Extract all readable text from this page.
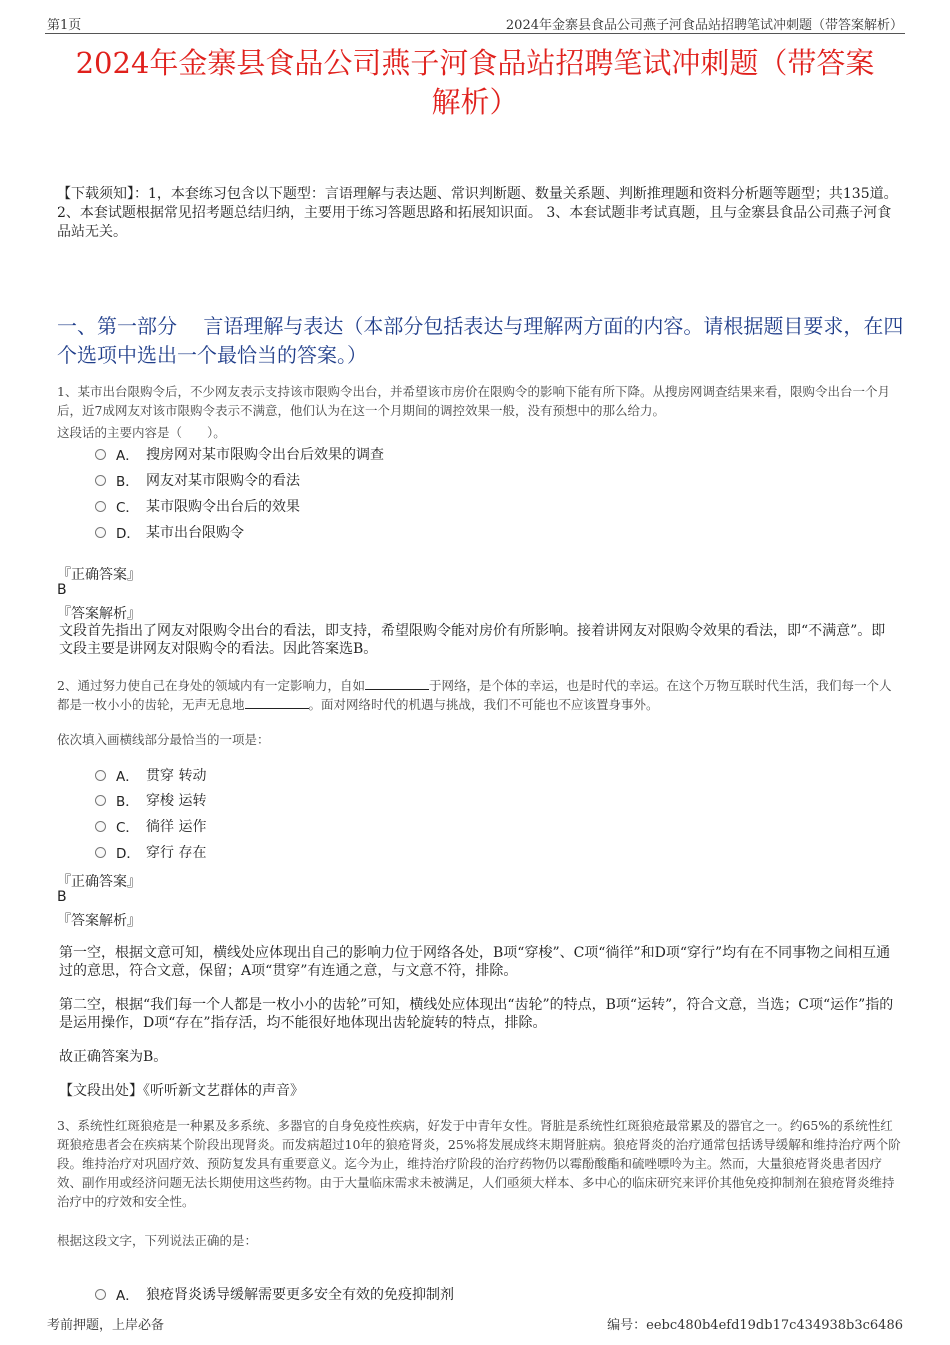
第1页	2024年金寨县食品公司燕子河食品站招聘笔试冲刺题（带答案解析）
2024年金寨县食品公司燕子河食品站招聘笔试冲刺题（带答案
解析）
【下载须知】：1，本套练习包含以下题型：言语理解与表达题、常识判断题、数量关系题、判断推理题和资料分析题等题型；共135道。 2、本套试题根据常见招考题总结归纳，主要用于练习答题思路和拓展知识面。 3、本套试题非考试真题，且与金寨县食品公司燕子河食品站无关。
一、第一部分　 言语理解与表达（本部分包括表达与理解两方面的内容。请根据题目要求，在四个选项中选出一个最恰当的答案。）
1、某市出台限购令后，不少网友表示支持该市限购令出台，并希望该市房价在限购令的影响下能有所下降。从搜房网调查结果来看，限购令出台一个月后，近7成网友对该市限购令表示不满意，他们认为在这一个月期间的调控效果一般，没有预想中的那么给力。
这段话的主要内容是（　　）。
A． 搜房网对某市限购令出台后效果的调查
B． 网友对某市限购令的看法
C． 某市限购令出台后的效果
D． 某市出台限购令
『正确答案』
B
『答案解析』
文段首先指出了网友对限购令出台的看法，即支持，希望限购令能对房价有所影响。接着讲网友对限购令效果的看法，即“不满意”。即文段主要是讲网友对限购令的看法。因此答案选B。
2、通过努力使自己在身处的领域内有一定影响力，自如	于网络，是个体的幸运，也是时代的幸运。在这个万物互联时代生活，我们每一个人都是一枚小小的齿轮，无声无息地	。面对网络时代的机遇与挑战，我们不可能也不应该置身事外。
依次填入画横线部分最恰当的一项是：
A． 贯穿 转动
B． 穿梭 运转
C． 徜徉 运作
D． 穿行 存在
『正确答案』
B
『答案解析』
第一空，根据文意可知，横线处应体现出自己的影响力位于网络各处，B项“穿梭”、C项“徜徉”和D项“穿行”均有在不同事物之间相互通过的意思，符合文意，保留；A项“贯穿”有连通之意，与文意不符，排除。
第二空，根据“我们每一个人都是一枚小小的齿轮”可知，横线处应体现出“齿轮”的特点，B项“运转”，符合文意，当选；C项“运作”指的是运用操作，D项“存在”指存活，均不能很好地体现出齿轮旋转的特点，排除。
故正确答案为B。
【文段出处】《听听新文艺群体的声音》
3、系统性红斑狼疮是一种累及多系统、多器官的自身免疫性疾病，好发于中青年女性。肾脏是系统性红斑狼疮最常累及的器官之一。约65%的系统性红斑狼疮患者会在疾病某个阶段出现肾炎。而发病超过10年的狼疮肾炎，25%将发展成终末期肾脏病。狼疮肾炎的治疗通常包括诱导缓解和维持治疗两个阶段。维持治疗对巩固疗效、预防复发具有重要意义。迄今为止，维持治疗阶段的治疗药物仍以霉酚酸酯和硫唑嘌呤为主。然而，大量狼疮肾炎患者因疗效、副作用或经济问题无法长期使用这些药物。由于大量临床需求未被满足，人们亟须大样本、多中心的临床研究来评价其他免疫抑制剂在狼疮肾炎维持治疗中的疗效和安全性。
根据这段文字，下列说法正确的是：
A． 狼疮肾炎诱导缓解需要更多安全有效的免疫抑制剂
考前押题，上岸必备	编号：eebc480b4efd19db17c434938b3c6486
